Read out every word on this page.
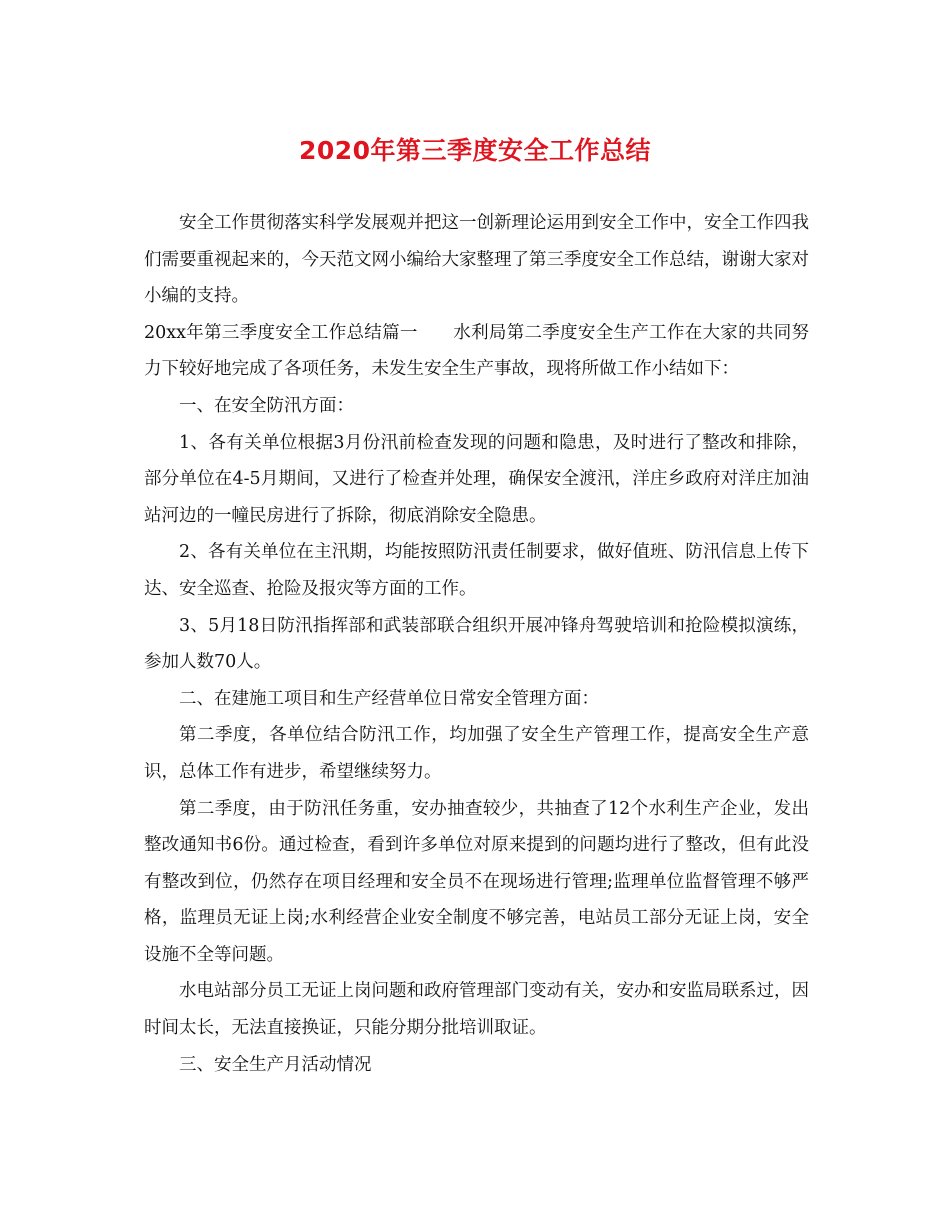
2020年第三季度安全工作总结

安全工作贯彻落实科学发展观并把这一创新理论运用到安全工作中，安全工作四我们需要重视起来的，今天范文网小编给大家整理了第三季度安全工作总结，谢谢大家对小编的支持。

20xx年第三季度安全工作总结篇一　　水利局第二季度安全生产工作在大家的共同努力下较好地完成了各项任务，未发生安全生产事故，现将所做工作小结如下：

一、在安全防汛方面：

1、各有关单位根据3月份汛前检查发现的问题和隐患，及时进行了整改和排除，部分单位在4-5月期间，又进行了检查并处理，确保安全渡汛，洋庄乡政府对洋庄加油站河边的一幢民房进行了拆除，彻底消除安全隐患。

2、各有关单位在主汛期，均能按照防汛责任制要求，做好值班、防汛信息上传下达、安全巡查、抢险及报灾等方面的工作。

3、5月18日防汛指挥部和武装部联合组织开展冲锋舟驾驶培训和抢险模拟演练，参加人数70人。

二、在建施工项目和生产经营单位日常安全管理方面：

第二季度，各单位结合防汛工作，均加强了安全生产管理工作，提高安全生产意识，总体工作有进步，希望继续努力。

第二季度，由于防汛任务重，安办抽查较少，共抽查了12个水利生产企业，发出整改通知书6份。通过检查，看到许多单位对原来提到的问题均进行了整改，但有此没有整改到位，仍然存在项目经理和安全员不在现场进行管理;监理单位监督管理不够严格，监理员无证上岗;水利经营企业安全制度不够完善，电站员工部分无证上岗，安全设施不全等问题。

水电站部分员工无证上岗问题和政府管理部门变动有关，安办和安监局联系过，因时间太长，无法直接换证，只能分期分批培训取证。

三、安全生产月活动情况
